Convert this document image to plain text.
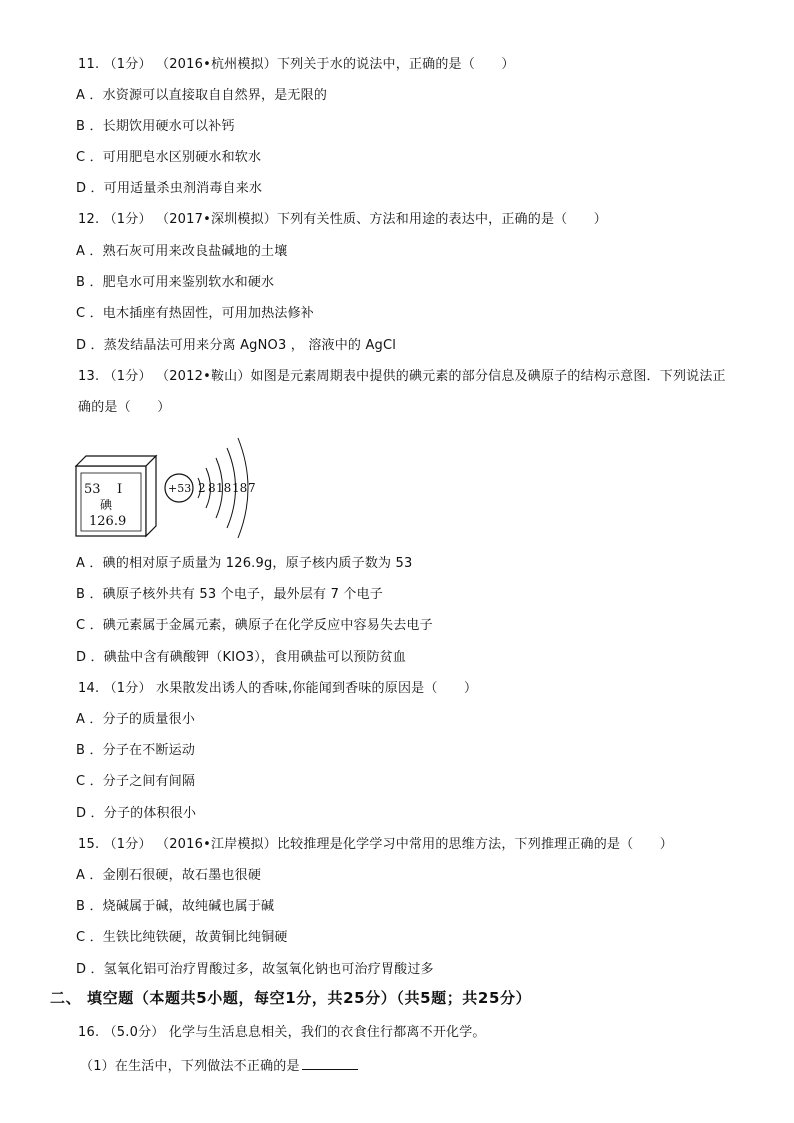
11. （1分） （2016•杭州模拟）下列关于水的说法中，正确的是（　　）
A ．水资源可以直接取自自然界，是无限的
B ．长期饮用硬水可以补钙
C ．可用肥皂水区别硬水和软水
D ．可用适量杀虫剂消毒自来水
12. （1分） （2017•深圳模拟）下列有关性质、方法和用途的表达中，正确的是（　　）
A ．熟石灰可用来改良盐碱地的土壤
B ．肥皂水可用来鉴别软水和硬水
C ．电木插座有热固性，可用加热法修补
D ．蒸发结晶法可用来分离 AgNO3 ， 溶液中的 AgCl
13. （1分） （2012•鞍山）如图是元素周期表中提供的碘元素的部分信息及碘原子的结构示意图．下列说法正
确的是（　　）
53 I
碘
126.9
+53 2 8 18 18 7
A ．碘的相对原子质量为 126.9g，原子核内质子数为 53
B ．碘原子核外共有 53 个电子，最外层有 7 个电子
C ．碘元素属于金属元素，碘原子在化学反应中容易失去电子
D ．碘盐中含有碘酸钾（KIO3），食用碘盐可以预防贫血
14. （1分） 水果散发出诱人的香味,你能闻到香味的原因是（　　）
A ．分子的质量很小
B ．分子在不断运动
C ．分子之间有间隔
D ．分子的体积很小
15. （1分） （2016•江岸模拟）比较推理是化学学习中常用的思维方法，下列推理正确的是（　　）
A ．金刚石很硬，故石墨也很硬
B ．烧碱属于碱，故纯碱也属于碱
C ．生铁比纯铁硬，故黄铜比纯铜硬
D ．氢氧化铝可治疗胃酸过多，故氢氧化钠也可治疗胃酸过多
二、 填空题（本题共5小题，每空1分，共25分）（共5题；共25分）
16. （5.0分） 化学与生活息息相关，我们的衣食住行都离不开化学。
（1）在生活中，下列做法不正确的是
